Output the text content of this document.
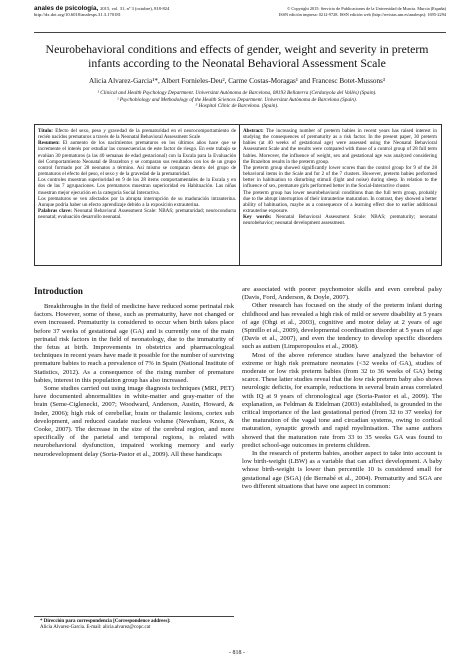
anales de psicología, 2015, vol. 31, nº 3 (octubre), 818-824
http://dx.doi.org/10.6018/analesps.31.3.170181
© Copyright 2015: Servicio de Publicaciones de la Universidad de Murcia. Murcia (España)
ISSN edición impresa: 0212-9728. ISSN edición web (http://revistas.um.es/analesps): 1695-2294
Neurobehavioral conditions and effects of gender, weight and severity in preterm infants according to the Neonatal Behavioral Assessment Scale
Alicia Alvarez-Garcia¹*, Albert Fornieles-Deu², Carme Costas-Moragas¹ and Francesc Botet-Mussons³
¹ Clinical and Health Psychology Department. Universitat Autònoma de Barcelona, 08193 Bellaterra (Cerdanyola del Vallès) (Spain).
² Psychobiology and Methodology of the Health Sciences Department. Universitat Autònoma de Barcelona (Spain).
³ Hospital Clínic de Barcelona. (Spain).

Título: Efecto del sexo, peso y gravedad de la prematuridad en el neurocomportamiento de recién nacidos prematuros a través de la Neonatal Behavioral Assessment Scale

Resumen: El aumento de los nacimientos prematuros en los últimos años hace que se incremente el interés por estudiar las consecuencias de este factor de riesgo. En este trabajo se evalúan 30 prematuros (a las 40 semanas de edad gestacional) con la Escala para la Evaluación del Comportamiento Neonatal de Brazelton y se comparan sus resultados con los de un grupo control formado por 28 neonatos a término. Así mismo se comparan dentro del grupo de prematuros el efecto del peso, el sexo y de la gravedad de la prematuridad.

Los controles muestran superioridad en 9 de los 28 ítems comportamentales de la Escala y en dos de las 7 agrupaciones. Los prematuros muestran superioridad en Habituación. Las niñas muestran mejor ejecución en la categoría Social Interactiva.

Los prematuros se ven afectados por la abrupta interrupción de su maduración intrauterina. Aunque podría haber un efecto aprendizaje debido a la exposición extrauterina.

Palabras clave: Neonatal Behavioral Assessment Scale: NBAS; prematuridad; neuroconducta neonatal; evaluación desarrollo neonatal.

Abstract: The increasing number of preterm babies in recent years has raised interest in studying the consequences of prematurity as a risk factor. In the present paper, 30 preterm babies (at 40 weeks of gestational age) were assessed using the Neonatal Behavioral Assessment Scale and the results were compared with those of a control group of 28 full term babies. Moreover, the influence of weight, sex and gestational age was analyzed considering the Brazelton results in the preterm group.

The preterm group showed significantly lower scores than the control group for 9 of the 28 behavioral items in the Scale and for 2 of the 7 clusters. However, preterm babies performed better in habituation to disturbing stimuli (light and noise) during sleep. In relation to the influence of sex, premature girls performed better in the Social-Interactive cluster.

The preterm group has lower neurobehavioral conditions than the full term group, probably due to the abrupt interruption of their intrauterine maturation. In contrast, they showed a better ability of habituation, maybe as a consequence of a learning effect due to earlier additional extrauterine exposure.

Key words: Neonatal Behavioral Assessment Scale: NBAS; prematurity; neonatal neurobehavior; neonatal development assessment.

Introduction

Breakthroughs in the field of medicine have reduced some perinatal risk factors. However, some of these, such as prematurity, have not changed or even increased. Prematurity is considered to occur when birth takes place before 37 weeks of gestational age (GA) and is currently one of the main perinatal risk factors in the field of neonatology, due to the immaturity of the fetus at birth. Improvements in obstetrics and pharmacological techniques in recent years have made it possible for the number of surviving premature babies to reach a prevalence of 7% in Spain (National Institute of Statistics, 2012). As a consequence of the rising number of premature babies, interest in this population group has also increased.

Some studies carried out using image diagnosis techniques (MRI, PET) have documented abnormalities in white-matter and gray-matter of the brain (Seme-Ciglenecki, 2007; Woodward, Anderson, Austin, Howard, & Inder, 2006); high risk of cerebellar, brain or thalamic lesions, cortex sub development, and reduced caudate nucleus volume (Newnham, Knox, & Cooke, 2007). The decrease in the size of the cerebral region, and more specifically of the parietal and temporal regions, is related with neurobehavioral dysfunction, impaired working memory and early neurodevelopment delay (Soria-Pastor et al., 2009). All these handicaps

are associated with poorer psychomotor skills and even cerebral palsy (Davis, Ford, Anderson, & Doyle, 2007).

Other research has focused on the study of the preterm infant during childhood and has revealed a high risk of mild or severe disability at 5 years of age (Ohgi et al., 2003), cognitive and motor delay at 2 years of age (Spinillo et al., 2009), developmental coordination disorder at 5 years of age (Davis et al., 2007), and even the tendency to develop specific disorders such as autism (Limperopoulos et al., 2008).

Most of the above reference studies have analyzed the behavior of extreme or high risk premature neonates (<32 weeks of GA), studies of moderate or low risk preterm babies (from 32 to 36 weeks of GA) being scarce. These latter studies reveal that the low risk preterm baby also shows neurologic deficits, for example, reductions in several brain areas correlated with IQ at 9 years of chronological age (Soria-Pastor et al., 2009). The explanation, as Feldman & Eidelman (2003) established, is grounded in the critical importance of the last gestational period (from 32 to 37 weeks) for the maturation of the vagal tone and circadian systems, owing to cortical maturation, synaptic growth and rapid myelinisation. The same authors showed that the maturation rate from 33 to 35 weeks GA was found to predict school-age outcomes in preterm children.

In the research of preterm babies, another aspect to take into account is low birth-weight (LBW) as a variable that can affect development. A baby whose birth-weight is lower than percentile 10 is considered small for gestational age (SGA) (de Bernabé et al., 2004). Prematurity and SGA are two different situations that have one aspect in common:

* Dirección para correspondencia [Correspondence address]:
Alicia Alvarez-Garcia. E-mail: alicia.alvarez@copc.cat
- 818 -
